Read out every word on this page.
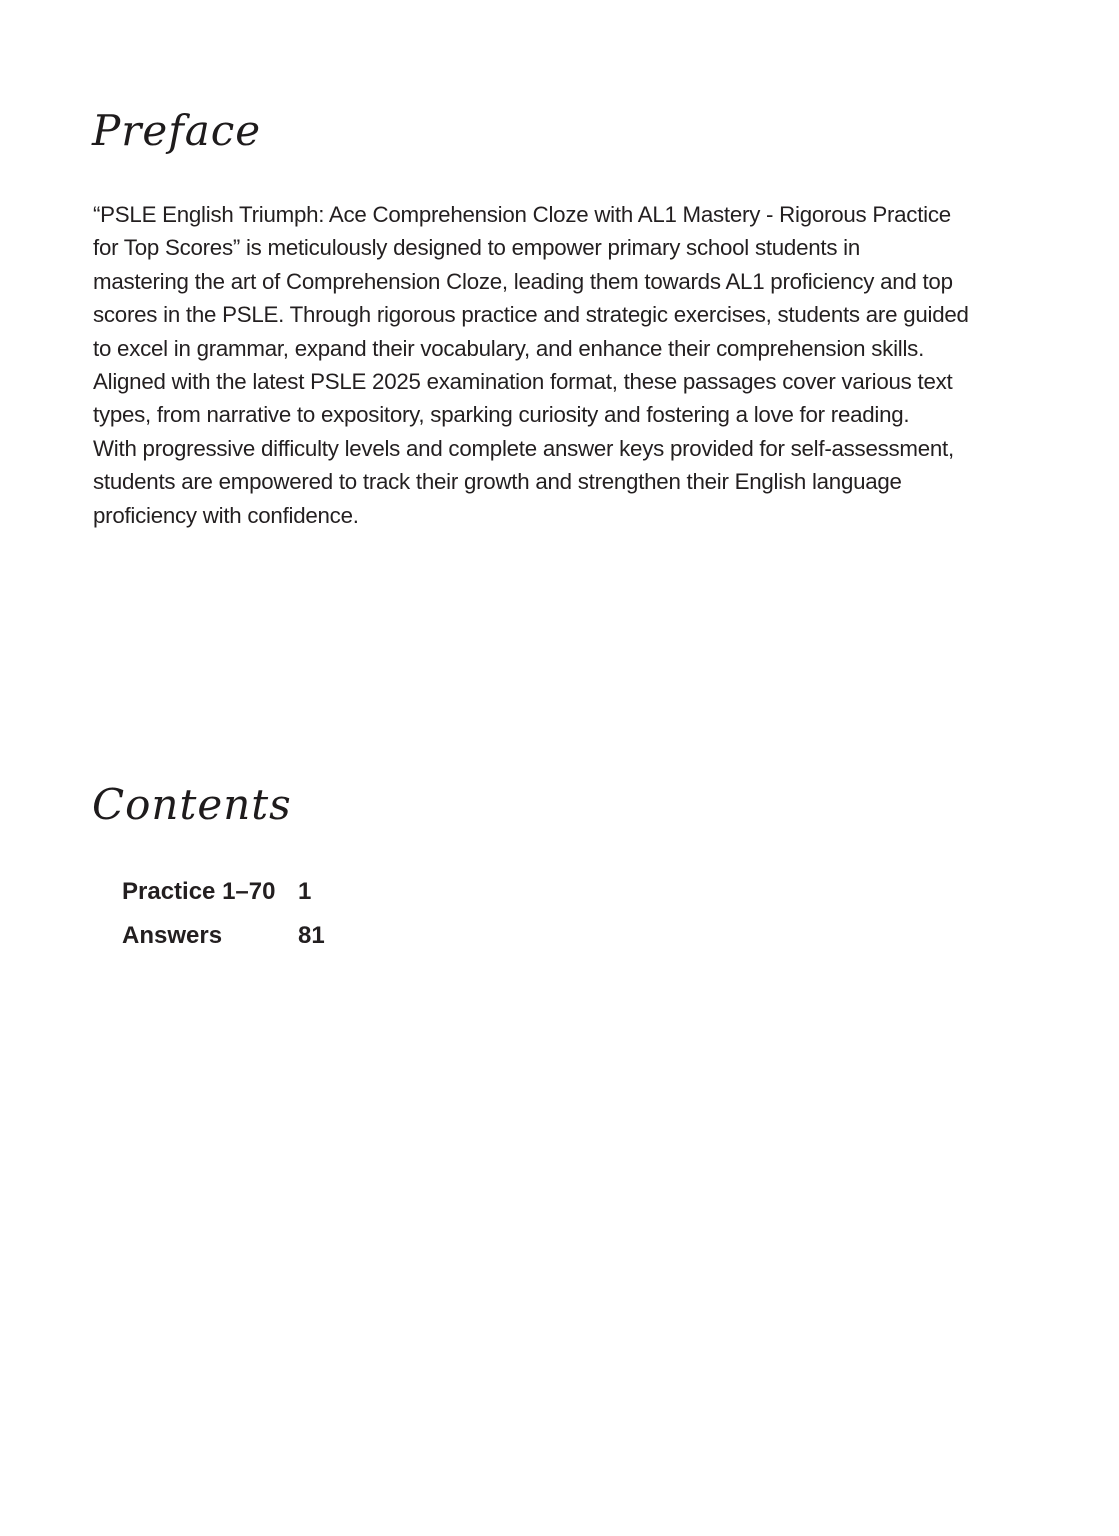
Preface

“PSLE English Triumph: Ace Comprehension Cloze with AL1 Mastery - Rigorous Practice
for Top Scores” is meticulously designed to empower primary school students in
mastering the art of Comprehension Cloze, leading them towards AL1 proficiency and top
scores in the PSLE. Through rigorous practice and strategic exercises, students are guided
to excel in grammar, expand their vocabulary, and enhance their comprehension skills.
Aligned with the latest PSLE 2025 examination format, these passages cover various text
types, from narrative to expository, sparking curiosity and fostering a love for reading.
With progressive difficulty levels and complete answer keys provided for self-assessment,
students are empowered to track their growth and strengthen their English language
proficiency with confidence.

Contents
Practice 1–70 1
Answers	81
